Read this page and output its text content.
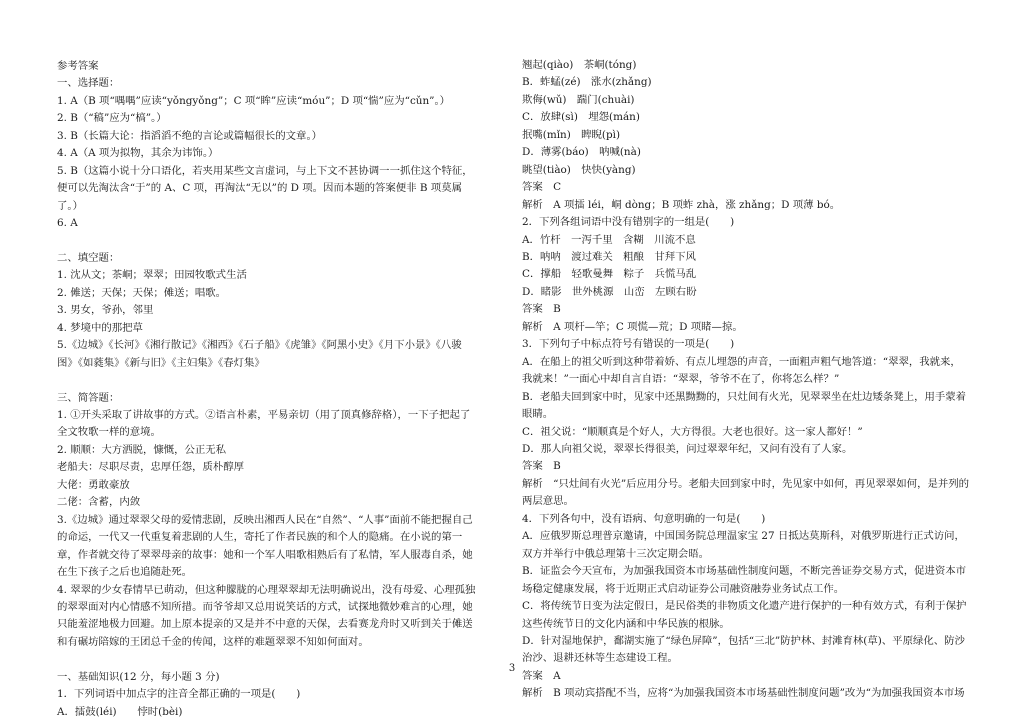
参考答案

一、选择题：

1. A（B 项“喁喁”应读“yǒngyǒng”；C 项“眸”应读“móu”；D 项“惴”应为“cǔn”。）

2. B（“稿”应为“槁”。）

3. B（长篇大论：指滔滔不绝的言论或篇幅很长的文章。）

4. A（A 项为拟物，其余为讳饰。）

5. B（这篇小说十分口语化，若夹用某些文言虚词，与上下文不甚协调一一抓住这个特征，便可以先淘汰含“于”的 A、C 项，再淘汰“无以”的 D 项。因而本题的答案便非 B 项莫属了。）

6. A

二、填空题：

1. 沈从文；茶峒；翠翠；田园牧歌式生活

2. 傩送；天保；天保；傩送；唱歌。

3. 男女，爷孙，邻里

4. 梦境中的那把草

5.《边城》《长河》《湘行散记》《湘西》《石子船》《虎雏》《阿黑小史》《月下小景》《八骏图》《如蕤集》《新与旧》《主妇集》《春灯集》

三、简答题：

1. ①开头采取了讲故事的方式。②语言朴素，平易亲切（用了顶真修辞格），一下子把起了全文牧歌一样的意境。

2. 顺顺：大方洒脱，慷慨，公正无私

老船夫：尽职尽责，忠厚任怨，质朴醇厚

大佬：勇敢豪放

二佬：含蓄，内敛

3.《边城》通过翠翠父母的爱情悲剧，反映出湘西人民在“自然”、“人事”面前不能把握自己的命运，一代又一代重复着悲剧的人生，寄托了作者民族的和个人的隐痛。在小说的第一章，作者就交待了翠翠母亲的故事：她和一个军人唱歌相熟后有了私情，军人服毒自杀，她在生下孩子之后也追随赴死。

4. 翠翠的少女春情早已萌动，但这种朦胧的心理翠翠却无法明确说出，没有母爱、心理孤独的翠翠面对内心情感不知所措。而爷爷却又总用说笑话的方式，试探地微妙难言的心理，她只能羞涩地极力回避。加上原本提亲的又是并不中意的天保，去看赛龙舟时又听到关于傩送和有碾坊陪嫁的王团总千金的传闻，这样的难题翠翠不知如何面对。

一、基础知识(12 分，每小题 3 分)

1．下列词语中加点字的注音全都正确的一项是(　　)

A．擂鼓(léi)　　悖时(bèi)

翘起(qiào)　茶峒(tóng)

B．蚱蜢(zé)　涨水(zhǎng)

欺侮(wǔ)　踹门(chuài)

C．放肆(sì)　埋怨(mán)

抿嘴(mǐn)　睥睨(pì)

D．薄雾(báo)　呐喊(nà)

眺望(tiào)　快快(yàng)

答案　C

解析　A 项擂 léi，峒 dòng；B 项蚱 zhà，涨 zhǎng；D 项薄 bó。

2．下列各组词语中没有错别字的一组是(　　)

A．竹杆　一泻千里　含糊　川流不息

B．呐呐　渡过难关　粗酿　甘拜下风

C．撑船　轻歌曼舞　粽子　兵慌马乱

D．睹影　世外桃源　山峦　左顾右盼

答案　B

解析　A 项杆—竿；C 项慌—荒；D 项睹—掠。

3．下列句子中标点符号有错误的一项是(　　)

A．在船上的祖父听到这种带着娇、有点儿埋怨的声音，一面粗声粗气地答道：“翠翠，我就来，我就来！”一面心中却自言自语：“翠翠，爷爷不在了，你将怎么样？”

B．老船夫回到家中时，见家中还黑黝黝的，只灶间有火光，见翠翠坐在灶边矮条凳上，用手蒙着眼睛。

C．祖父说：“顺顺真是个好人，大方得很。大老也很好。这一家人都好！”

D．那人向祖父说，翠翠长得很美，问过翠翠年纪，又问有没有了人家。

答案　B

解析　“只灶间有火光”后应用分号。老船夫回到家中时，先见家中如何，再见翠翠如何，是并列的两层意思。

4．下列各句中，没有语病、句意明确的一句是(　　)

A．应俄罗斯总理普京邀请，中国国务院总理温家宝 27 日抵达莫斯科，对俄罗斯进行正式访问，双方并举行中俄总理第十三次定期会晤。

B．证监会今天宣布，为加强我国资本市场基础性制度问题，不断完善证券交易方式，促进资本市场稳定健康发展，将于近期正式启动证券公司融资融券业务试点工作。

C．将传统节日变为法定假日，是民俗类的非物质文化遗产进行保护的一种有效方式，有利于保护这些传统节日的文化内涵和中华民族的根脉。

D．针对湿地保护，鄱湖实施了“绿色屏障”，包括“三北”防护林、封滩育林(草)、平原绿化、防沙治沙、退耕还林等生态建设工程。

答案　A

解析　B 项动宾搭配不当，应将“为加强我国资本市场基础性制度问题”改为“为加强我国资本市场

3
